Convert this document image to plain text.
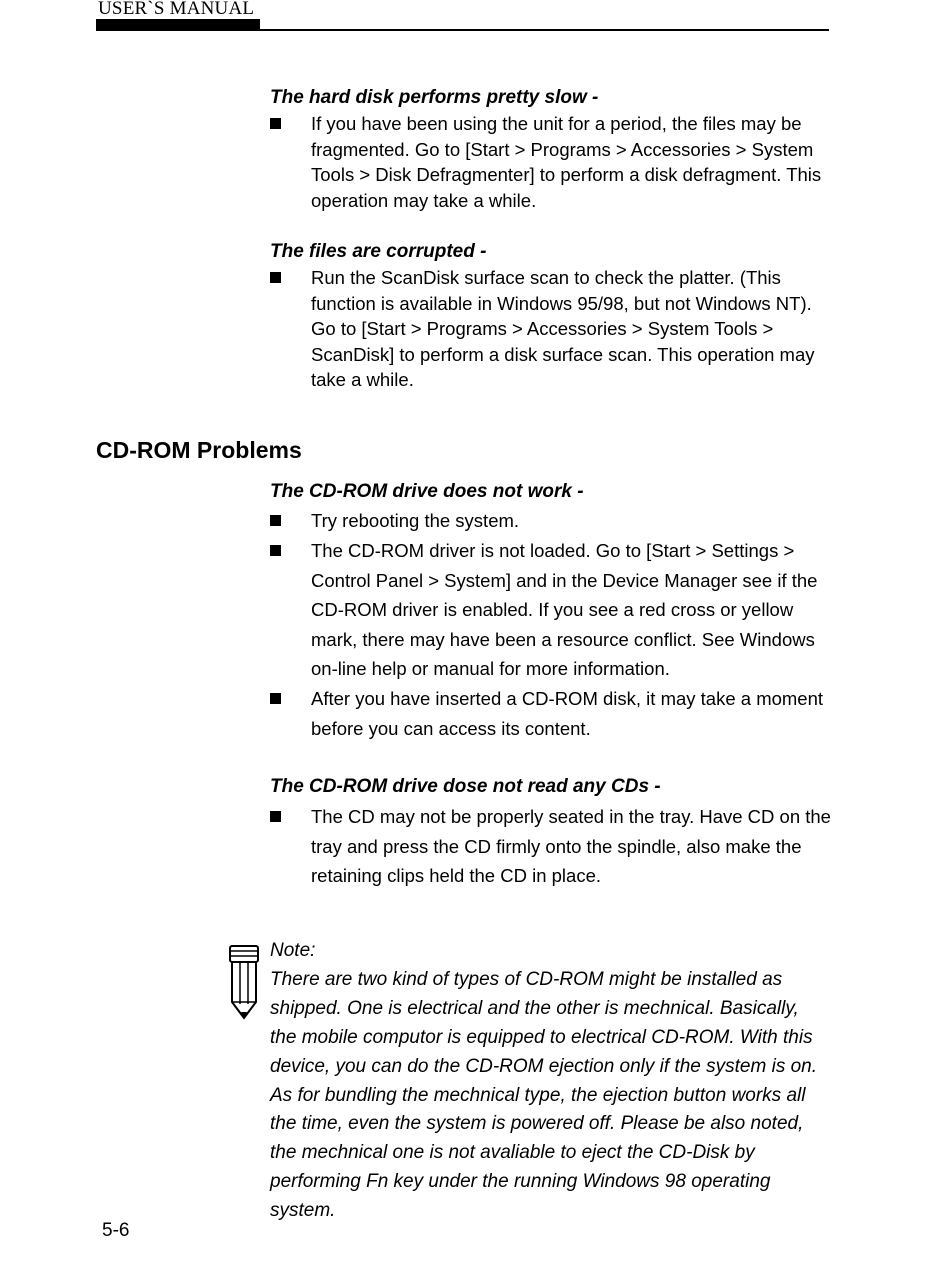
USER`S MANUAL
The hard disk performs pretty slow -
If you have been using the unit for a period, the files may be fragmented. Go to [Start > Programs > Accessories > System Tools > Disk Defragmenter] to perform a disk defragment. This operation may take a while.
The files are corrupted -
Run the ScanDisk surface scan to check the platter. (This function is available in Windows 95/98, but not Windows NT). Go to [Start > Programs > Accessories > System Tools > ScanDisk] to perform a disk surface scan. This operation may take a while.
CD-ROM Problems
The CD-ROM drive does not work -
Try rebooting the system.
The CD-ROM driver is not loaded. Go to [Start > Settings > Control Panel > System] and in the Device Manager see if the CD-ROM driver is enabled. If you see a red cross or yellow mark, there may have been a resource conflict. See Windows on-line help or manual for more information.
After you have inserted a CD-ROM disk, it may take a moment before you can access its content.
The CD-ROM drive dose not read any CDs -
The CD may not be properly seated in the tray. Have CD on the tray and press the CD firmly onto the spindle, also make the retaining clips held the CD in place.
Note:
There are two kind of types of CD-ROM might be installed as shipped. One is electrical and the other is mechnical. Basically, the mobile computor is equipped to electrical CD-ROM. With this device, you can do the CD-ROM ejection only if the system is on. As for bundling the mechnical type, the ejection button works all the time, even the system is powered off. Please be also noted, the mechnical one is not avaliable to eject the CD-Disk by performing Fn key under the running Windows 98 operating system.
5-6
